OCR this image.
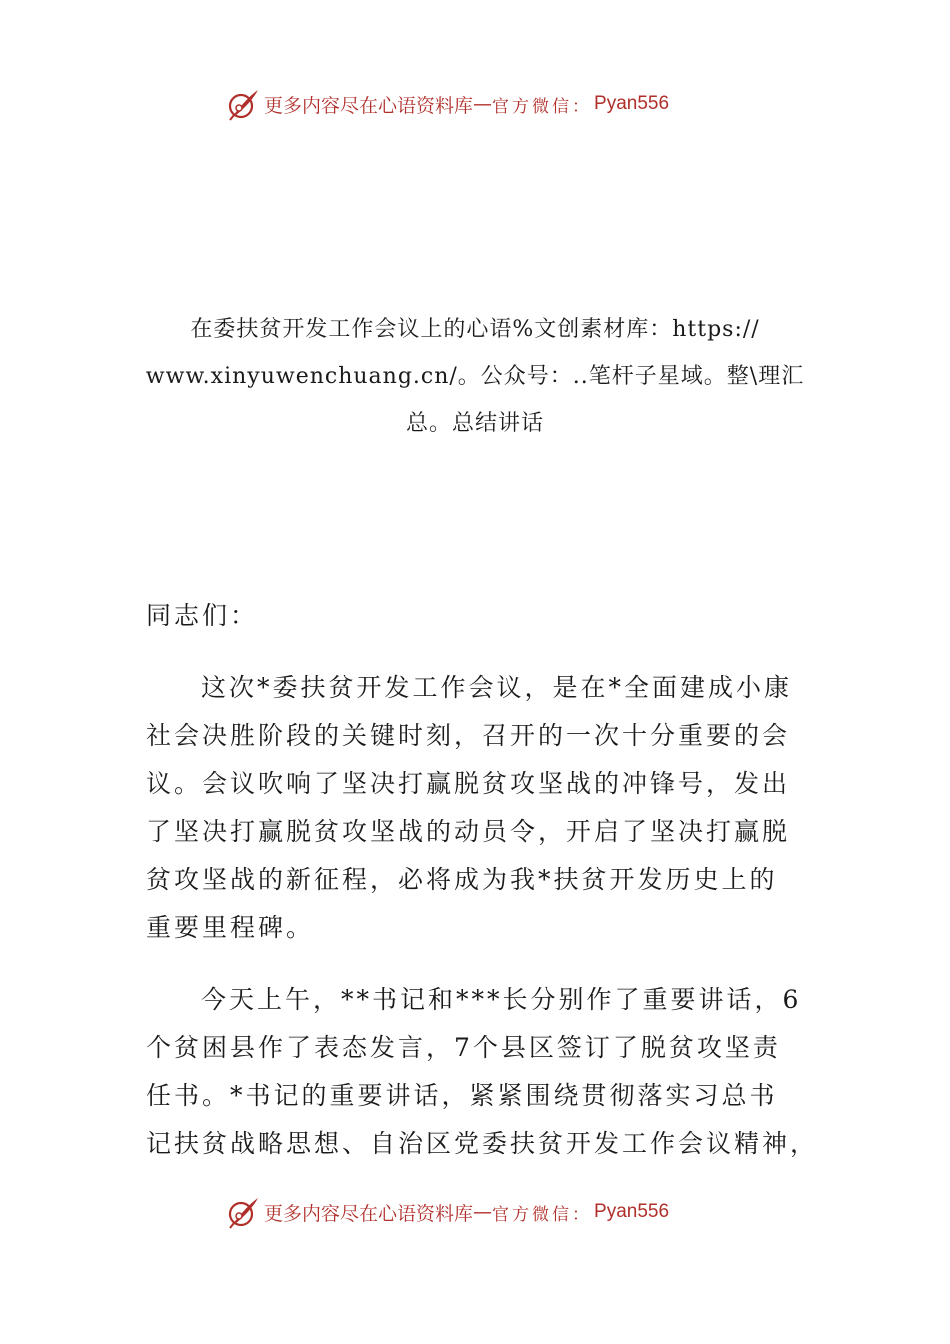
更多内容尽在心语资料库 — 官方微信： Pyan556
在委扶贫开发工作会议上的心语%文创素材库：https://
www.xinyuwenchuang.cn/。公众号：..笔杆子星域。整\理汇
总。总结讲话
同志们：
这次*委扶贫开发工作会议，是在*全面建成小康
社会决胜阶段的关键时刻，召开的一次十分重要的会
议。会议吹响了坚决打赢脱贫攻坚战的冲锋号，发出
了坚决打赢脱贫攻坚战的动员令，开启了坚决打赢脱
贫攻坚战的新征程，必将成为我*扶贫开发历史上的
重要里程碑。
今天上午，**书记和***长分别作了重要讲话，6
个贫困县作了表态发言，7个县区签订了脱贫攻坚责
任书。*书记的重要讲话，紧紧围绕贯彻落实习总书
记扶贫战略思想、自治区党委扶贫开发工作会议精神，
更多内容尽在心语资料库 — 官方微信： Pyan556
